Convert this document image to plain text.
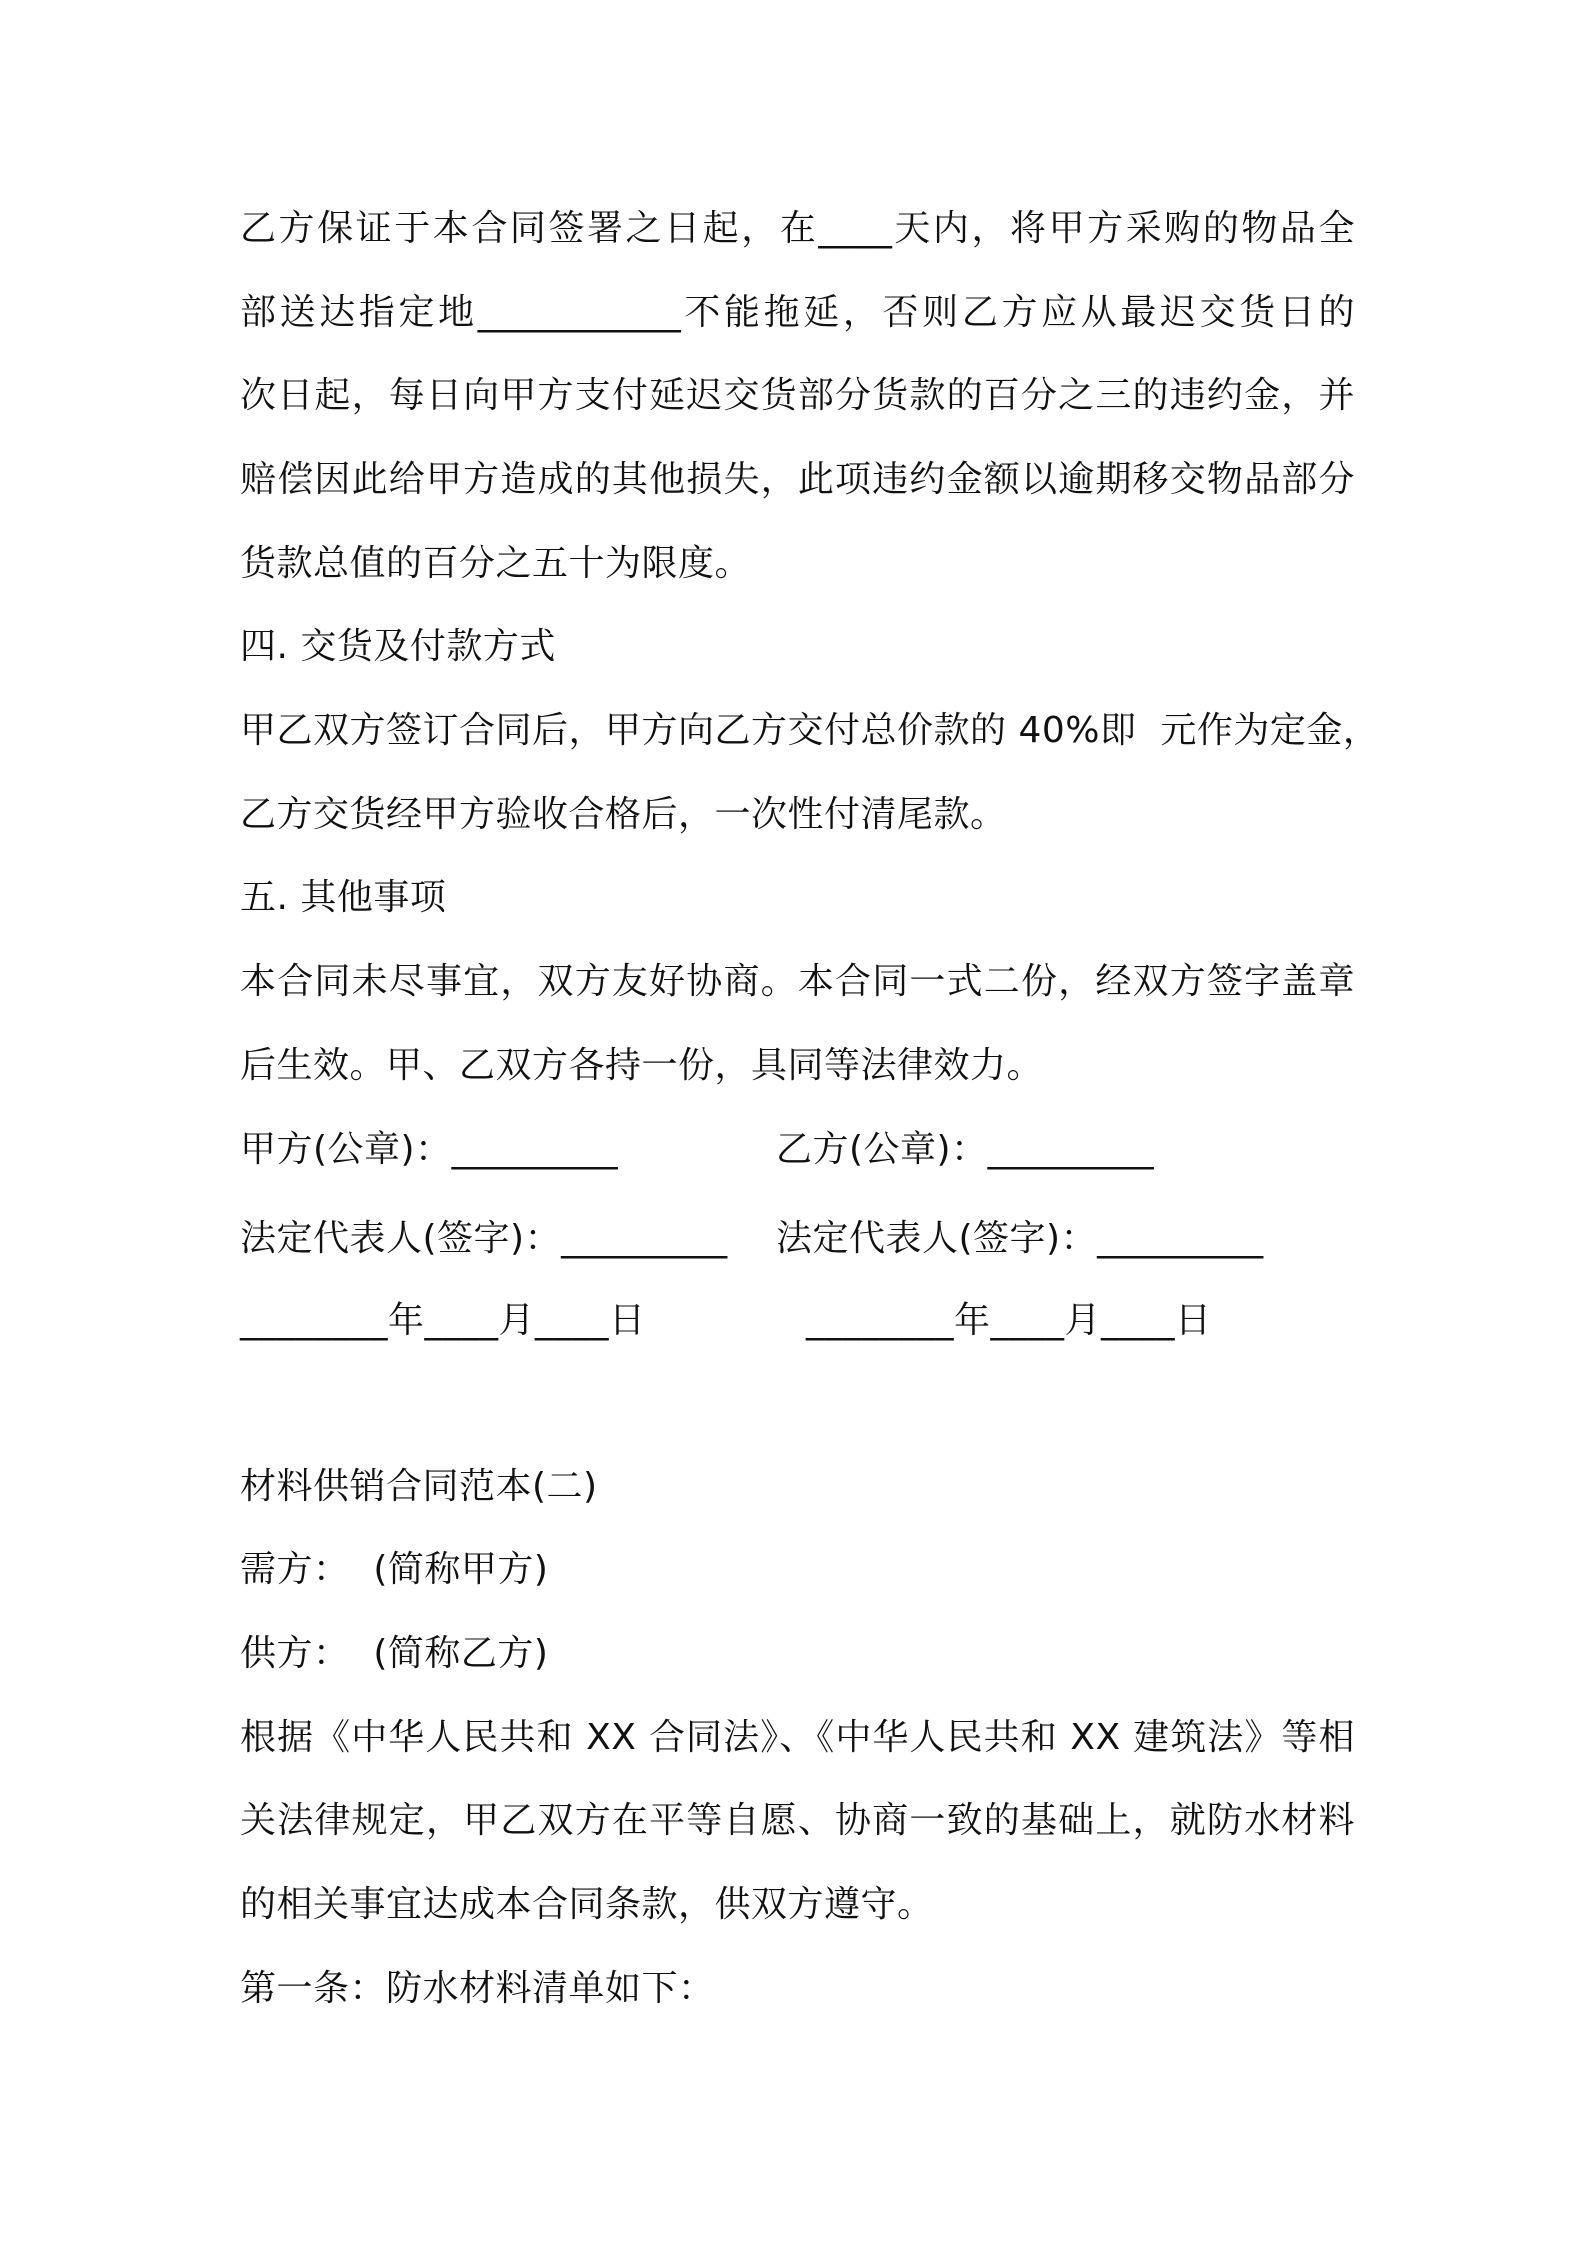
乙方保证于本合同签署之日起，在____天内，将甲方采购的物品全
部送达指定地___________不能拖延，否则乙方应从最迟交货日的
次日起，每日向甲方支付延迟交货部分货款的百分之三的违约金，并
赔偿因此给甲方造成的其他损失，此项违约金额以逾期移交物品部分
货款总值的百分之五十为限度。
四. 交货及付款方式
甲乙双方签订合同后，甲方向乙方交付总价款的 40%即  元作为定金，
乙方交货经甲方验收合格后，一次性付清尾款。
五. 其他事项
本合同未尽事宜，双方友好协商。本合同一式二份，经双方签字盖章
后生效。甲、乙双方各持一份，具同等法律效力。
甲方(公章)：_________	乙方(公章)：_________
法定代表人(签字)：_________ 法定代表人(签字)：_________
________年____月____日	________年____月____日
材料供销合同范本(二)
需方：  (简称甲方)
供方：  (简称乙方)
根据《中华人民共和 XX 合同法》、《中华人民共和 XX 建筑法》等相
关法律规定，甲乙双方在平等自愿、协商一致的基础上，就防水材料
的相关事宜达成本合同条款，供双方遵守。
第一条：防水材料清单如下：
